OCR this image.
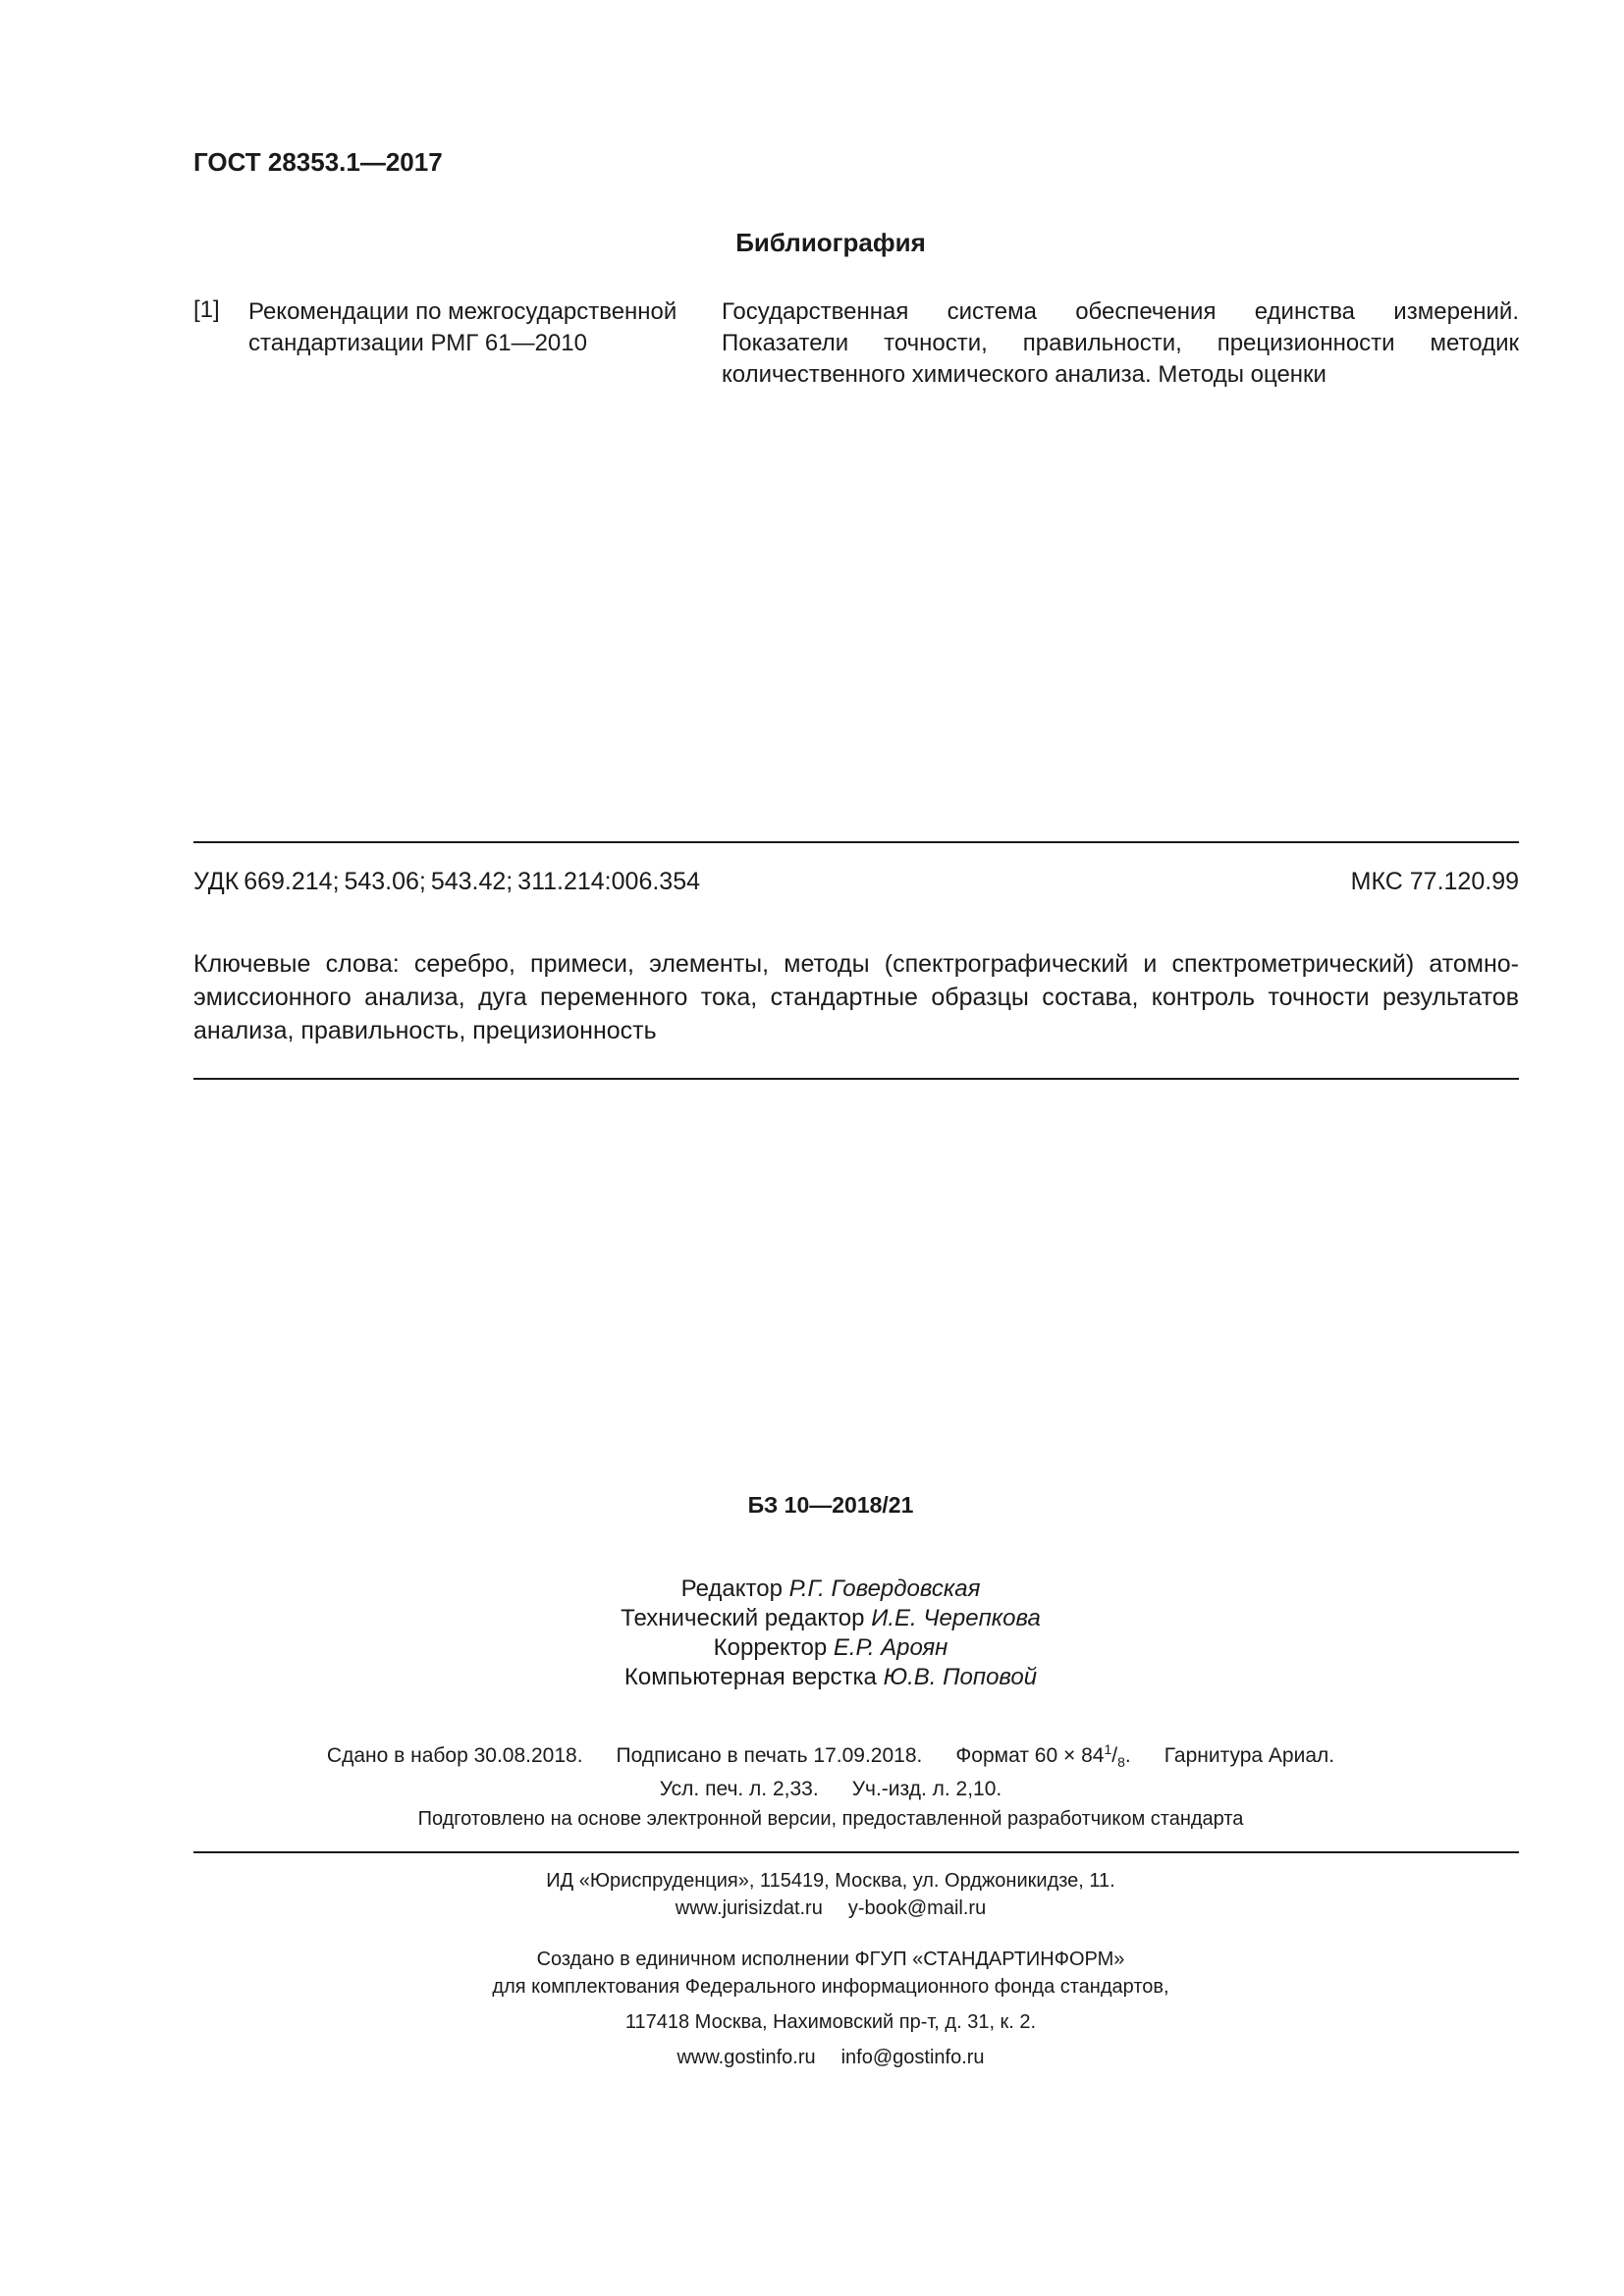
ГОСТ 28353.1—2017
Библиография
[1] Рекомендации по межгосударственной стандартизации РМГ 61—2010
Государственная система обеспечения единства измерений. Показатели точности, правильности, прецизионности методик количественного химического анализа. Методы оценки
УДК 669.214; 543.06; 543.42; 311.214:006.354	МКС 77.120.99
Ключевые слова: серебро, примеси, элементы, методы (спектрографический и спектрометрический) атомно-эмиссионного анализа, дуга переменного тока, стандартные образцы состава, контроль точности результатов анализа, правильность, прецизионность
БЗ 10—2018/21
Редактор Р.Г. Говердовская
Технический редактор И.Е. Черепкова
Корректор Е.Р. Ароян
Компьютерная верстка Ю.В. Поповой
Сдано в набор 30.08.2018. Подписано в печать 17.09.2018. Формат $60 \times 84^1/_8$. Гарнитура Ариал.
Усл. печ. л. 2,33. Уч.-изд. л. 2,10.
Подготовлено на основе электронной версии, предоставленной разработчиком стандарта
ИД «Юриспруденция», 115419, Москва, ул. Орджоникидзе, 11.
www.jurisizdat.ru y-book@mail.ru
Создано в единичном исполнении ФГУП «СТАНДАРТИНФОРМ»
для комплектования Федерального информационного фонда стандартов,
117418 Москва, Нахимовский пр-т, д. 31, к. 2.
www.gostinfo.ru info@gostinfo.ru
